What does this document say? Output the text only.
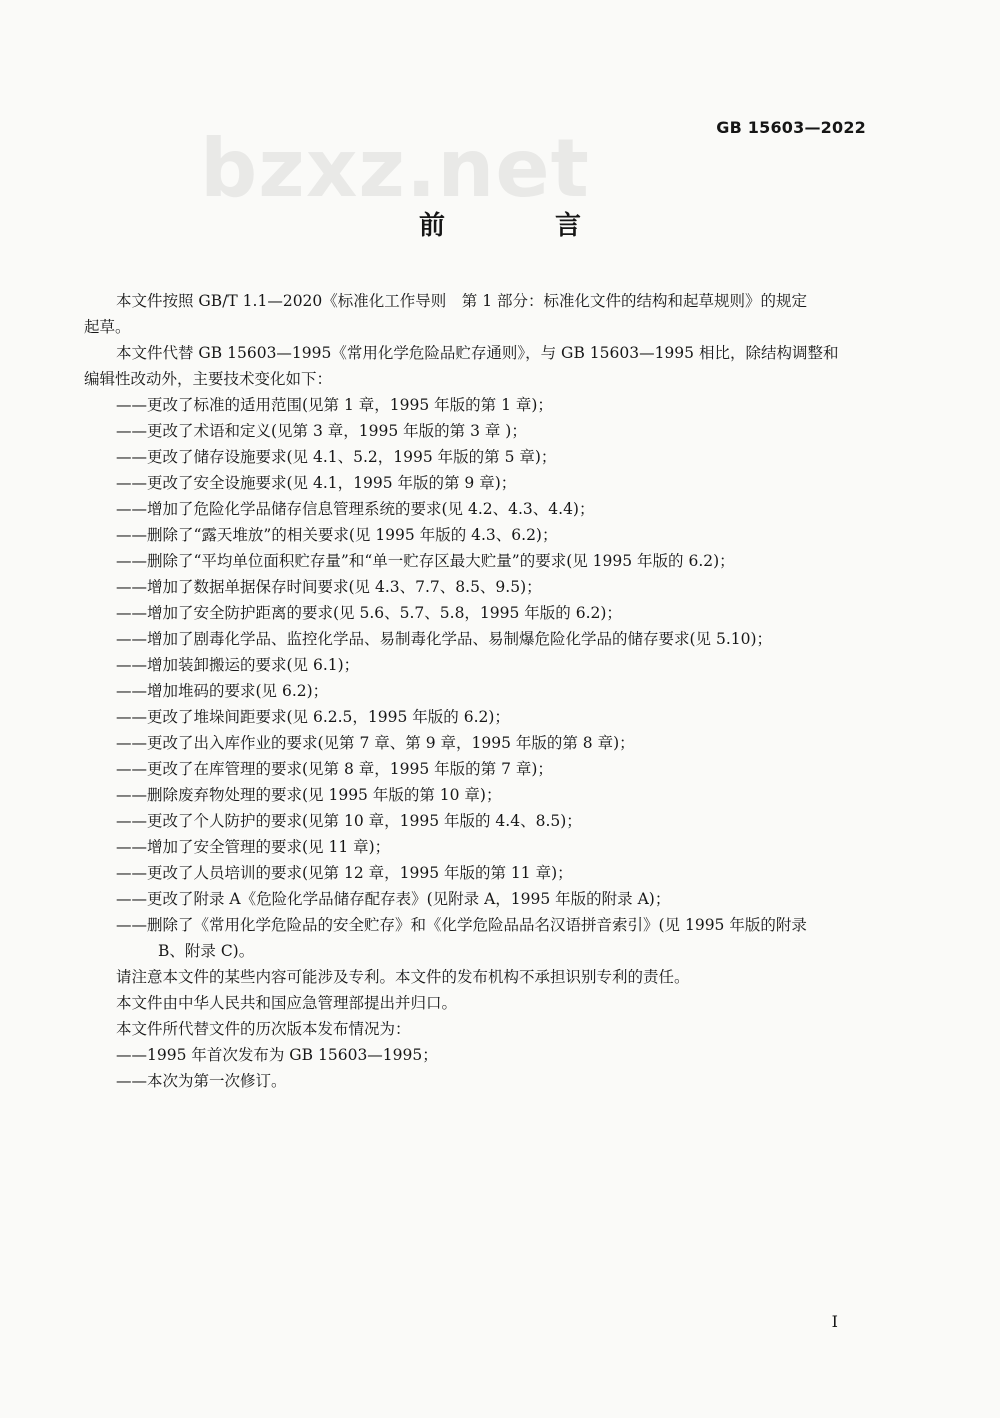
bzxz.net	GB 15603—2022
前　言
本文件按照 GB/T 1.1—2020《标准化工作导则　第 1 部分：标准化文件的结构和起草规则》的规定
起草。
本文件代替 GB 15603—1995《常用化学危险品贮存通则》，与 GB 15603—1995 相比，除结构调整和
编辑性改动外，主要技术变化如下：
——更改了标准的适用范围(见第 1 章，1995 年版的第 1 章)；
——更改了术语和定义(见第 3 章，1995 年版的第 3 章 )；
——更改了储存设施要求(见 4.1、5.2，1995 年版的第 5 章)；
——更改了安全设施要求(见 4.1，1995 年版的第 9 章)；
——增加了危险化学品储存信息管理系统的要求(见 4.2、4.3、4.4)；
——删除了“露天堆放”的相关要求(见 1995 年版的 4.3、6.2)；
——删除了“平均单位面积贮存量”和“单一贮存区最大贮量”的要求(见 1995 年版的 6.2)；
——增加了数据单据保存时间要求(见 4.3、7.7、8.5、9.5)；
——增加了安全防护距离的要求(见 5.6、5.7、5.8，1995 年版的 6.2)；
——增加了剧毒化学品、监控化学品、易制毒化学品、易制爆危险化学品的储存要求(见 5.10)；
——增加装卸搬运的要求(见 6.1)；
——增加堆码的要求(见 6.2)；
——更改了堆垛间距要求(见 6.2.5，1995 年版的 6.2)；
——更改了出入库作业的要求(见第 7 章、第 9 章，1995 年版的第 8 章)；
——更改了在库管理的要求(见第 8 章，1995 年版的第 7 章)；
——删除废弃物处理的要求(见 1995 年版的第 10 章)；
——更改了个人防护的要求(见第 10 章，1995 年版的 4.4、8.5)；
——增加了安全管理的要求(见 11 章)；
——更改了人员培训的要求(见第 12 章，1995 年版的第 11 章)；
——更改了附录 A《危险化学品储存配存表》(见附录 A，1995 年版的附录 A)；
——删除了《常用化学危险品的安全贮存》和《化学危险品品名汉语拼音索引》(见 1995 年版的附录
B、附录 C)。
请注意本文件的某些内容可能涉及专利。本文件的发布机构不承担识别专利的责任。
本文件由中华人民共和国应急管理部提出并归口。
本文件所代替文件的历次版本发布情况为：
——1995 年首次发布为 GB 15603—1995；
——本次为第一次修订。
I
